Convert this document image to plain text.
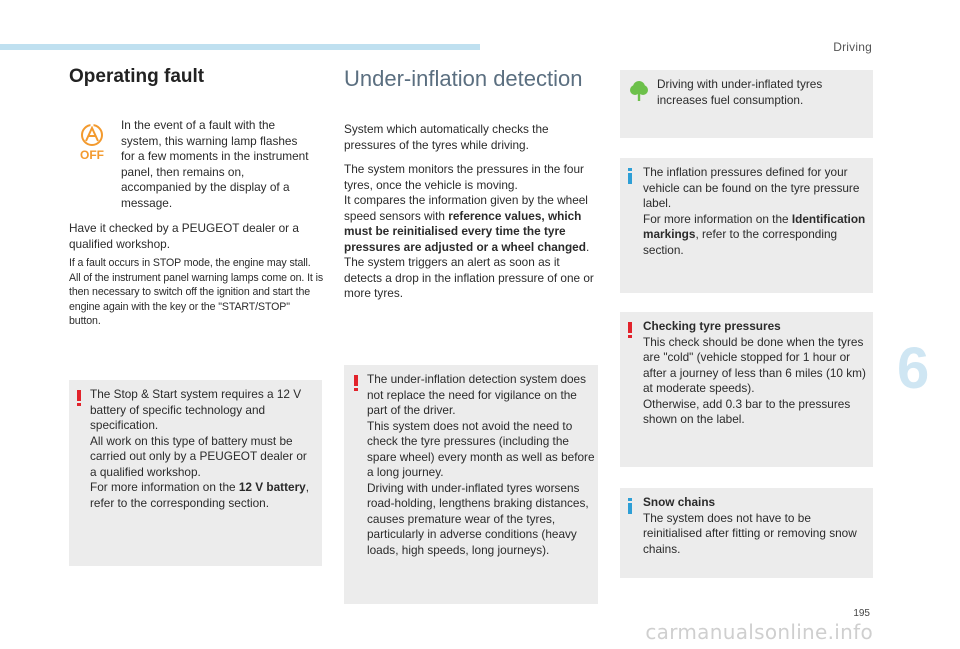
Driving
Operating fault
OFF
In the event of a fault with the system, this warning lamp flashes for a few moments in the instrument panel, then remains on, accompanied by the display of a message.
Have it checked by a PEUGEOT dealer or a qualified workshop.
If a fault occurs in STOP mode, the engine may stall.
All of the instrument panel warning lamps come on. It is then necessary to switch off the ignition and start the engine again with the key or the "START/STOP" button.
The Stop & Start system requires a 12 V battery of specific technology and specification.
All work on this type of battery must be carried out only by a PEUGEOT dealer or a qualified workshop.
For more information on the 12 V battery, refer to the corresponding section.
Under-inflation detection
System which automatically checks the pressures of the tyres while driving.
The system monitors the pressures in the four tyres, once the vehicle is moving.
It compares the information given by the wheel speed sensors with reference values, which must be reinitialised every time the tyre pressures are adjusted or a wheel changed.
The system triggers an alert as soon as it detects a drop in the inflation pressure of one or more tyres.
The under-inflation detection system does not replace the need for vigilance on the part of the driver.
This system does not avoid the need to check the tyre pressures (including the spare wheel) every month as well as before a long journey.
Driving with under-inflated tyres worsens road-holding, lengthens braking distances, causes premature wear of the tyres, particularly in adverse conditions (heavy loads, high speeds, long journeys).
Driving with under-inflated tyres increases fuel consumption.
The inflation pressures defined for your vehicle can be found on the tyre pressure label.
For more information on the Identification markings, refer to the corresponding section.
Checking tyre pressures
This check should be done when the tyres are "cold" (vehicle stopped for 1 hour or after a journey of less than 6 miles (10 km) at moderate speeds).
Otherwise, add 0.3 bar to the pressures shown on the label.
Snow chains
The system does not have to be reinitialised after fitting or removing snow chains.
6
195
carmanualsonline.info
